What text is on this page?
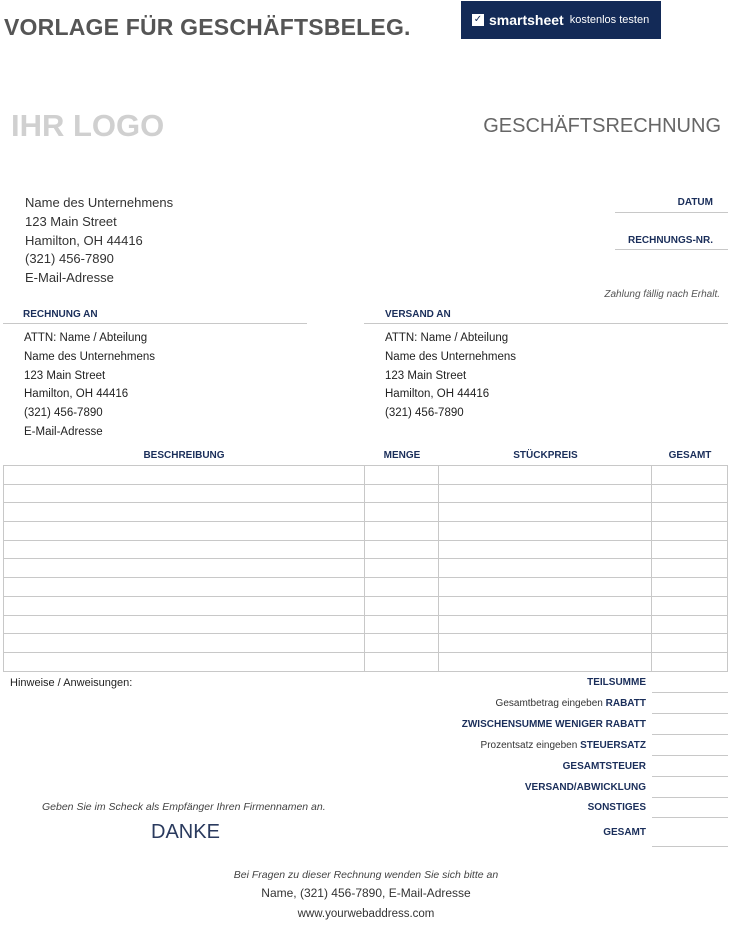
VORLAGE FÜR GESCHÄFTSBELEG.	✓ smartsheet kostenlos testen
IHR LOGO	GESCHÄFTSRECHNUNG
Name des Unternehmens
123 Main Street
Hamilton, OH 44416
(321) 456-7890
E-Mail-Adresse
DATUM
RECHNUNGS-NR.
Zahlung fällig nach Erhalt.
RECHNUNG AN
ATTN: Name / Abteilung
Name des Unternehmens
123 Main Street
Hamilton, OH 44416
(321) 456-7890
E-Mail-Adresse
VERSAND AN
ATTN: Name / Abteilung
Name des Unternehmens
123 Main Street
Hamilton, OH 44416
(321) 456-7890
BESCHREIBUNG	MENGE	STÜCKPREIS	GESAMT

Hinweise / Anweisungen:	TEILSUMME
Gesamtbetrag eingeben RABATT
ZWISCHENSUMME WENIGER RABATT
Prozentsatz eingeben STEUERSATZ
GESAMTSTEUER
VERSAND/ABWICKLUNG
SONSTIGES
GESAMT
Geben Sie im Scheck als Empfänger Ihren Firmennamen an.
DANKE
Bei Fragen zu dieser Rechnung wenden Sie sich bitte an
Name, (321) 456-7890, E-Mail-Adresse
www.yourwebaddress.com
